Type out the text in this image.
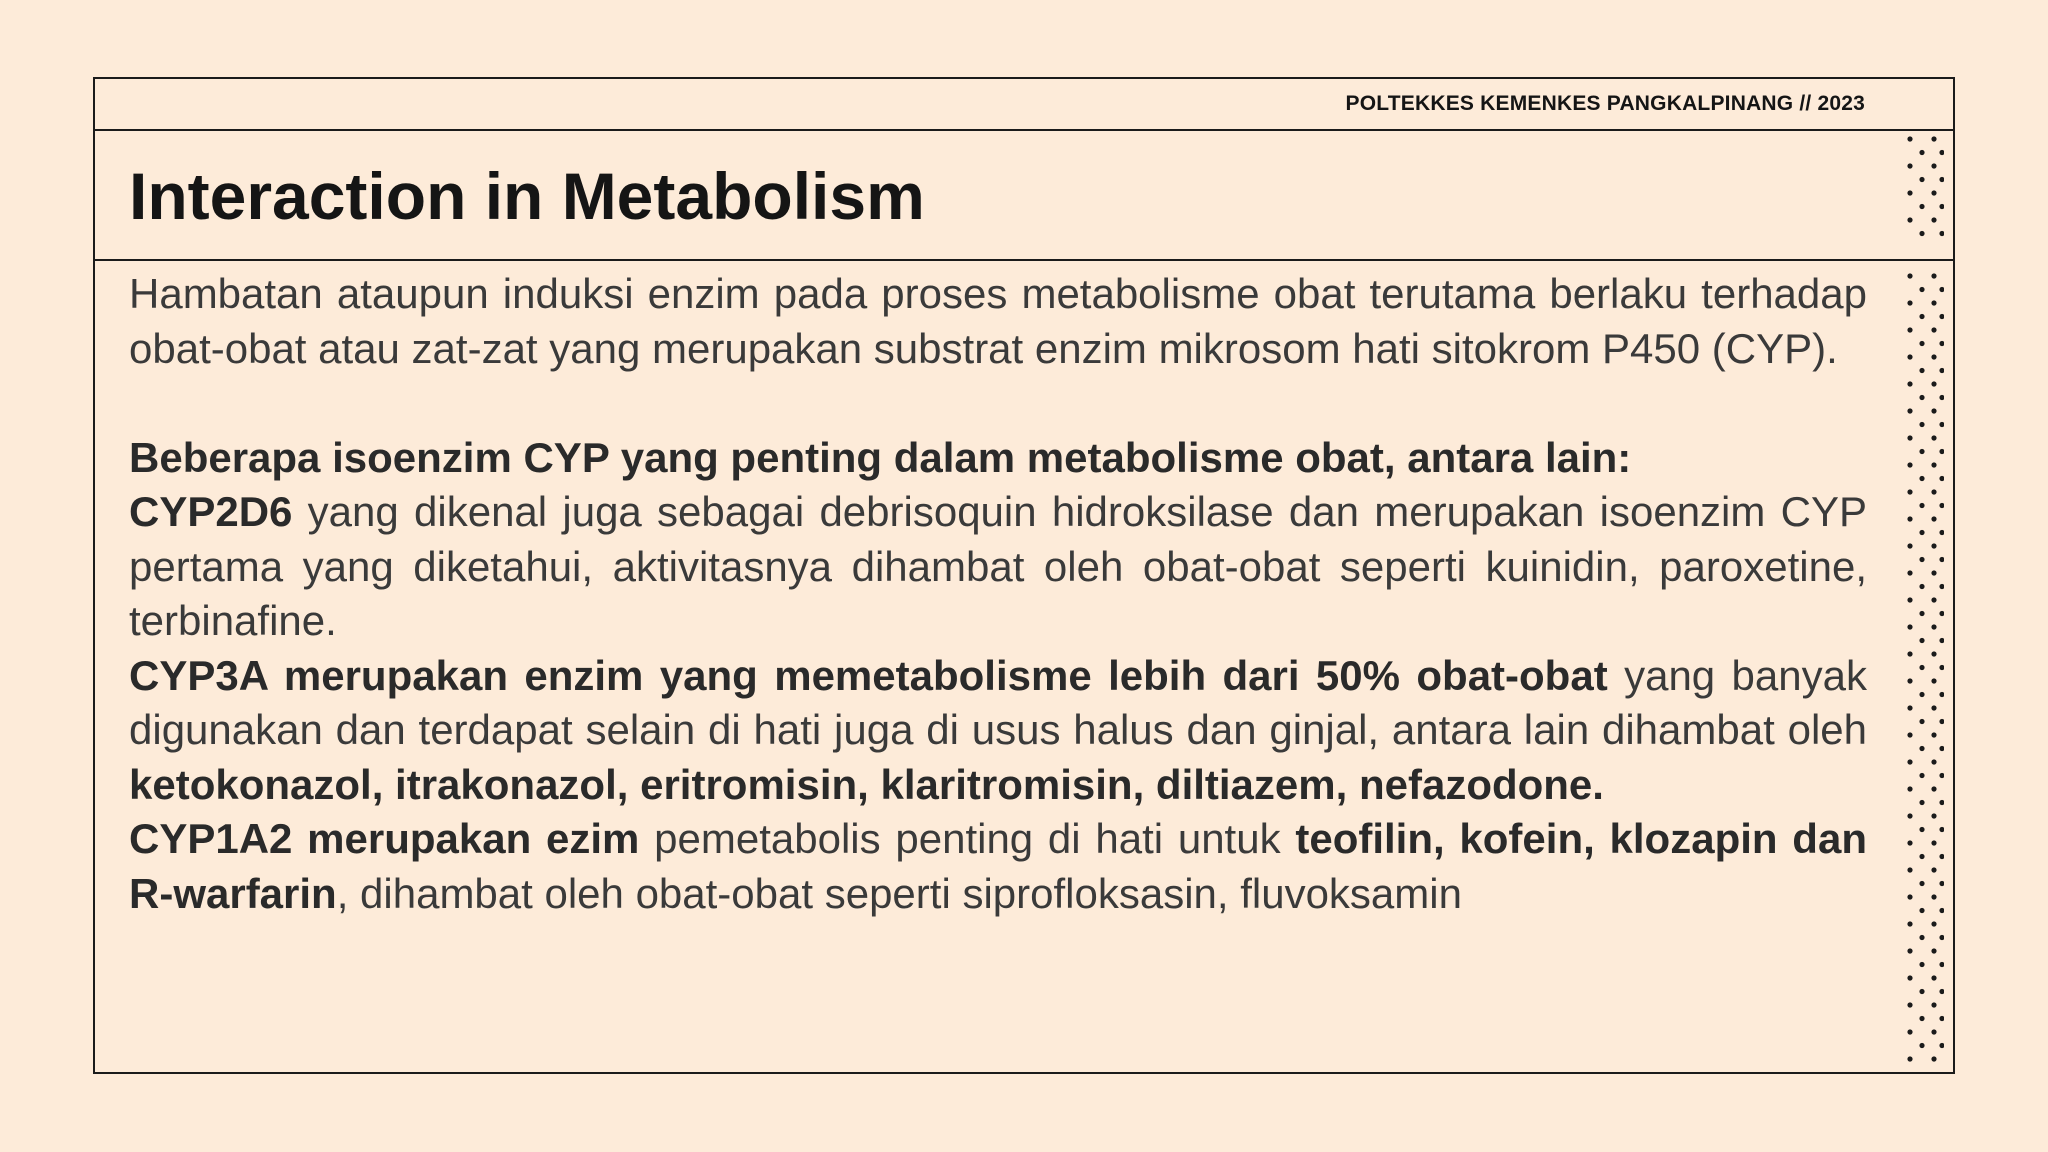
POLTEKKES KEMENKES PANGKALPINANG // 2023
Interaction in Metabolism

Hambatan ataupun induksi enzim pada proses metabolisme obat terutama berlaku terhadap obat-obat atau zat-zat yang merupakan substrat enzim mikrosom hati sitokrom P450 (CYP).

Beberapa isoenzim CYP yang penting dalam metabolisme obat, antara lain:

CYP2D6 yang dikenal juga sebagai debrisoquin hidroksilase dan merupakan isoenzim CYP pertama yang diketahui, aktivitasnya dihambat oleh obat-obat seperti kuinidin, paroxetine, terbinafine.

CYP3A merupakan enzim yang memetabolisme lebih dari 50% obat-obat yang banyak digunakan dan terdapat selain di hati juga di usus halus dan ginjal, antara lain dihambat oleh ketokonazol, itrakonazol, eritromisin, klaritromisin, diltiazem, nefazodone.

CYP1A2 merupakan ezim pemetabolis penting di hati untuk teofilin, kofein, klozapin dan R-warfarin, dihambat oleh obat-obat seperti siprofloksasin, fluvoksamin
